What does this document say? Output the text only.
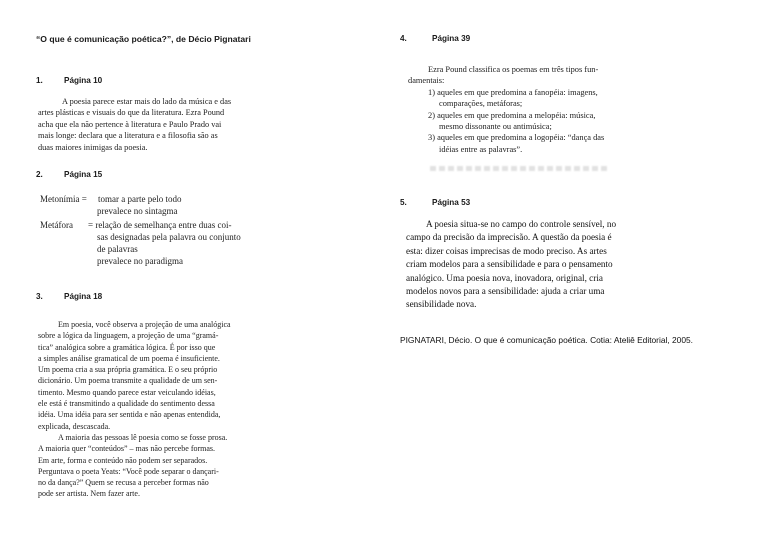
“O que é comunicação poética?”, de Décio Pignatari
1.	Página 10
A poesia parece estar mais do lado da música e das
artes plásticas e visuais do que da literatura. Ezra Pound
acha que ela não pertence à literatura e Paulo Prado vai
mais longe: declara que a literatura e a filosofia são as
duas maiores inimigas da poesia.
2.	Página 15
Metonímia = tomar a parte pelo todo
prevalece no sintagma
Metáfora = relação de semelhança entre duas coi-
sas designadas pela palavra ou conjunto
de palavras
prevalece no paradigma
3.	Página 18
Em poesia, você observa a projeção de uma analógica
sobre a lógica da linguagem, a projeção de uma “gramá-
tica” analógica sobre a gramática lógica. É por isso que
a simples análise gramatical de um poema é insuficiente.
Um poema cria a sua própria gramática. E o seu próprio
dicionário. Um poema transmite a qualidade de um sen-
timento. Mesmo quando parece estar veiculando idéias,
ele está é transmitindo a qualidade do sentimento dessa
idéia. Uma idéia para ser sentida e não apenas entendida,
explicada, descascada.
A maioria das pessoas lê poesia como se fosse prosa.
A maioria quer “conteúdos” – mas não percebe formas.
Em arte, forma e conteúdo não podem ser separados.
Perguntava o poeta Yeats: “Você pode separar o dançari-
no da dança?” Quem se recusa a perceber formas não
pode ser artista. Nem fazer arte.
4.	Página 39
Ezra Pound classifica os poemas em três tipos fun-
damentais:
1) aqueles em que predomina a fanopéia: imagens,
comparações, metáforas;
2) aqueles em que predomina a melopéia: música,
mesmo dissonante ou antimúsica;
3) aqueles em que predomina a logopéia: “dança das
idéias entre as palavras”.
5.	Página 53
A poesia situa-se no campo do controle sensível, no
campo da precisão da imprecisão. A questão da poesia é
esta: dizer coisas imprecisas de modo preciso. As artes
criam modelos para a sensibilidade e para o pensamento
analógico. Uma poesia nova, inovadora, original, cria
modelos novos para a sensibilidade: ajuda a criar uma
sensibilidade nova.
PIGNATARI, Décio. O que é comunicação poética. Cotia: Ateliê Editorial, 2005.
